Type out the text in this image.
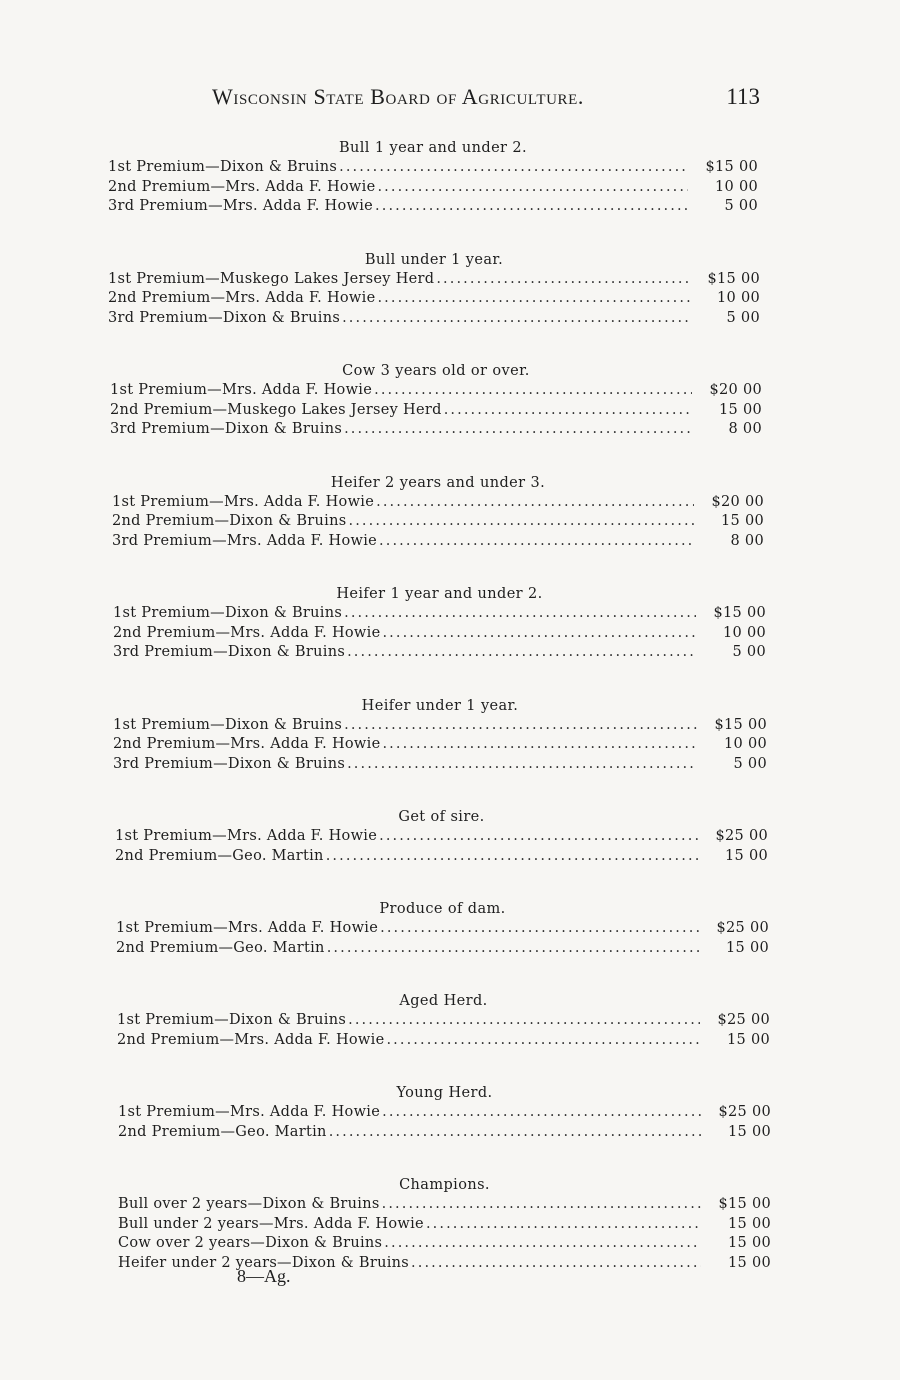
Wisconsin State Board of Agriculture.	113
Bull 1 year and under 2.
1st Premium—Dixon & Bruins .....	$15 00
2nd Premium—Mrs. Adda F. Howie .....	10 00
3rd Premium—Mrs. Adda F. Howie .....	5 00
Bull under 1 year.
1st Premium—Muskego Lakes Jersey Herd .....	$15 00
2nd Premium—Mrs. Adda F. Howie .....	10 00
3rd Premium—Dixon & Bruins .....	5 00
Cow 3 years old or over.
1st Premium—Mrs. Adda F. Howie .....	$20 00
2nd Premium—Muskego Lakes Jersey Herd .....	15 00
3rd Premium—Dixon & Bruins .....	8 00
Heifer 2 years and under 3.
1st Premium—Mrs. Adda F. Howie .....	$20 00
2nd Premium—Dixon & Bruins .....	15 00
3rd Premium—Mrs. Adda F. Howie .....	8 00
Heifer 1 year and under 2.
1st Premium—Dixon & Bruins .....	$15 00
2nd Premium—Mrs. Adda F. Howie .....	10 00
3rd Premium—Dixon & Bruins .....	5 00
Heifer under 1 year.
1st Premium—Dixon & Bruins .....	$15 00
2nd Premium—Mrs. Adda F. Howie .....	10 00
3rd Premium—Dixon & Bruins .....	5 00
Get of sire.
1st Premium—Mrs. Adda F. Howie .....	$25 00
2nd Premium—Geo. Martin .....	15 00
Produce of dam.
1st Premium—Mrs. Adda F. Howie .....	$25 00
2nd Premium—Geo. Martin .....	15 00
Aged Herd.
1st Premium—Dixon & Bruins .....	$25 00
2nd Premium—Mrs. Adda F. Howie .....	15 00
Young Herd.
1st Premium—Mrs. Adda F. Howie .....	$25 00
2nd Premium—Geo. Martin .....	15 00
Champions.
Bull over 2 years—Dixon & Bruins .....	$15 00
Bull under 2 years—Mrs. Adda F. Howie .....	15 00
Cow over 2 years—Dixon & Bruins .....	15 00
Heifer under 2 years—Dixon & Bruins .....	15 00
8—Ag.
